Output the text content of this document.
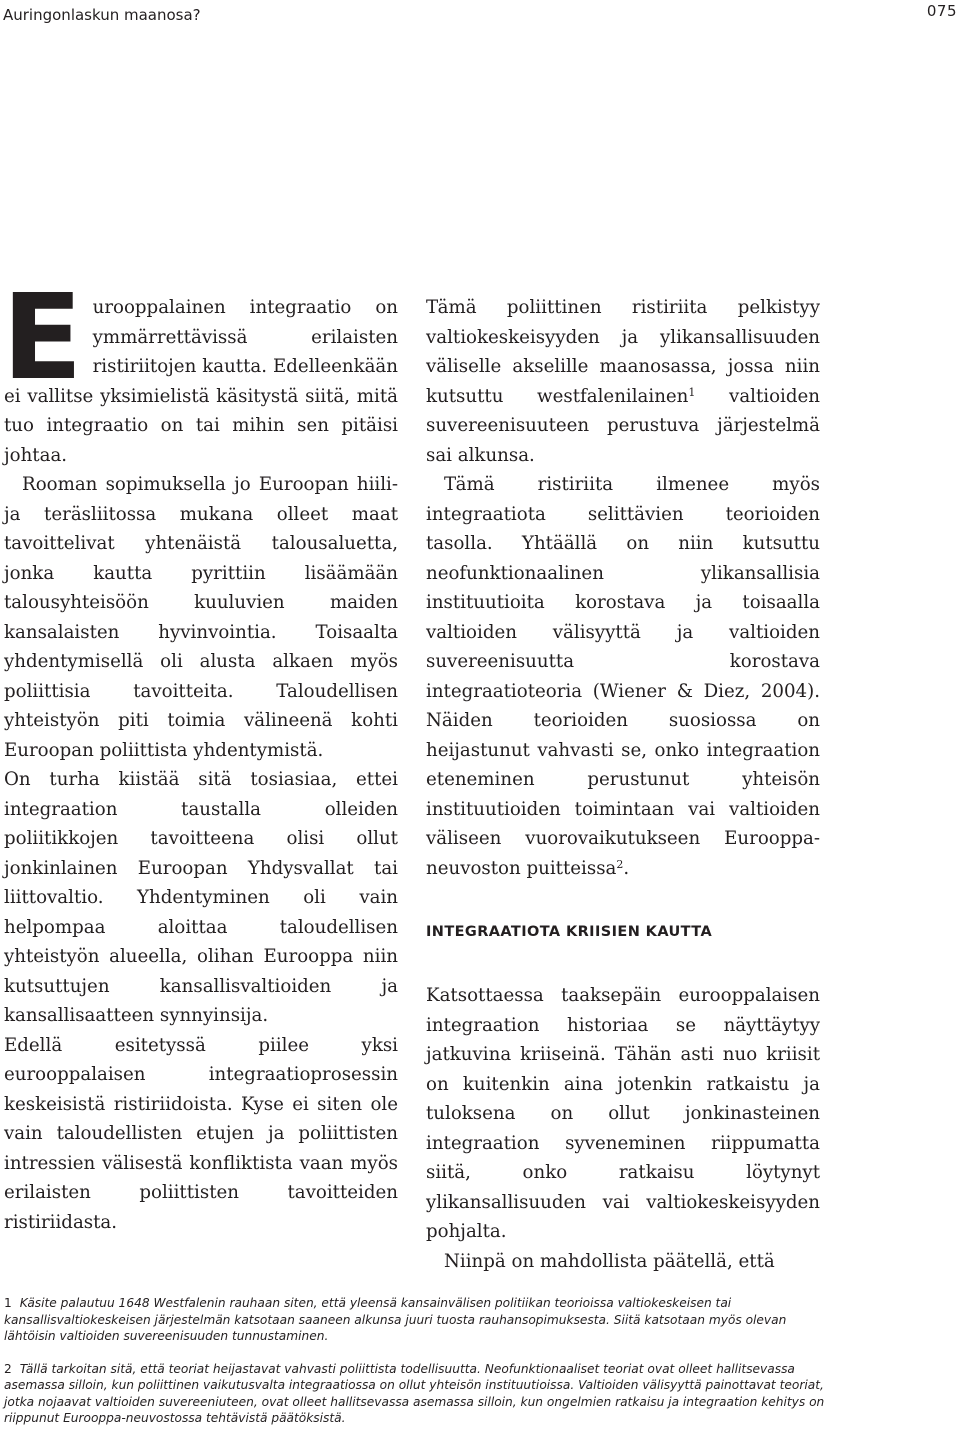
Auringonlaskun maanosa?	075

Eurooppalainen integraatio on ymmärrettävissä erilaisten ristiriitojen kautta. Edelleenkään ei vallitse yksimielistä käsitystä siitä, mitä tuo integraatio on tai mihin sen pitäisi johtaa.

Rooman sopimuksella jo Euroopan hiili- ja teräsliitossa mukana olleet maat tavoittelivat yhtenäistä talousaluetta, jonka kautta pyrittiin lisäämään talousyhteisöön kuuluvien maiden kansalaisten hyvinvointia. Toisaalta yhdentymisellä oli alusta alkaen myös poliittisia tavoitteita. Taloudellisen yhteistyön piti toimia välineenä kohti Euroopan poliittista yhdentymistä.

On turha kiistää sitä tosiasiaa, ettei integraation taustalla olleiden poliitikkojen tavoitteena olisi ollut jonkinlainen Euroopan Yhdysvallat tai liittovaltio. Yhdentyminen oli vain helpompaa aloittaa taloudellisen yhteistyön alueella, olihan Eurooppa niin kutsuttujen kansallisvaltioiden ja kansallisaatteen synnyinsija.

Edellä esitetyssä piilee yksi eurooppalaisen integraatioprosessin keskeisistä ristiriidoista. Kyse ei siten ole vain taloudellisten etujen ja poliittisten intressien välisestä konfliktista vaan myös erilaisten poliittisten tavoitteiden ristiriidasta.

Tämä poliittinen ristiriita pelkistyy valtiokeskeisyyden ja ylikansallisuuden väliselle akselille maanosassa, jossa niin kutsuttu westfalenilainen$^1$ valtioiden suvereenisuuteen perustuva järjestelmä sai alkunsa.

Tämä ristiriita ilmenee myös integraatiota selittävien teorioiden tasolla. Yhtäällä on niin kutsuttu neofunktionaalinen ylikansallisia instituutioita korostava ja toisaalla valtioiden välisyyttä ja valtioiden suvereenisuutta korostava integraatioteoria (Wiener & Diez, 2004). Näiden teorioiden suosiossa on heijastunut vahvasti se, onko integraation eteneminen perustunut yhteisön instituutioiden toimintaan vai valtioiden väliseen vuorovaikutukseen Eurooppa-neuvoston puitteissa$^2$.

INTEGRAATIOTA KRIISIEN KAUTTA

Katsottaessa taaksepäin eurooppalaisen integraation historiaa se näyttäytyy jatkuvina kriiseinä. Tähän asti nuo kriisit on kuitenkin aina jotenkin ratkaistu ja tuloksena on ollut jonkinasteinen integraation syveneminen riippumatta siitä, onko ratkaisu löytynyt ylikansallisuuden vai valtiokeskeisyyden pohjalta.

Niinpä on mahdollista päätellä, että

1 Käsite palautuu 1648 Westfalenin rauhaan siten, että yleensä kansainvälisen politiikan teorioissa valtiokeskeisen tai kansallisvaltiokeskeisen järjestelmän katsotaan saaneen alkunsa juuri tuosta rauhansopimuksesta. Siitä katsotaan myös olevan lähtöisin valtioiden suvereenisuuden tunnustaminen.
2 Tällä tarkoitan sitä, että teoriat heijastavat vahvasti poliittista todellisuutta. Neofunktionaaliset teoriat ovat olleet hallitsevassa asemassa silloin, kun poliittinen vaikutusvalta integraatiossa on ollut yhteisön instituutioissa. Valtioiden välisyyttä painottavat teoriat, jotka nojaavat valtioiden suvereeniuteen, ovat olleet hallitsevassa asemassa silloin, kun ongelmien ratkaisu ja integraation kehitys on riippunut Eurooppa-neuvostossa tehtävistä päätöksistä.
